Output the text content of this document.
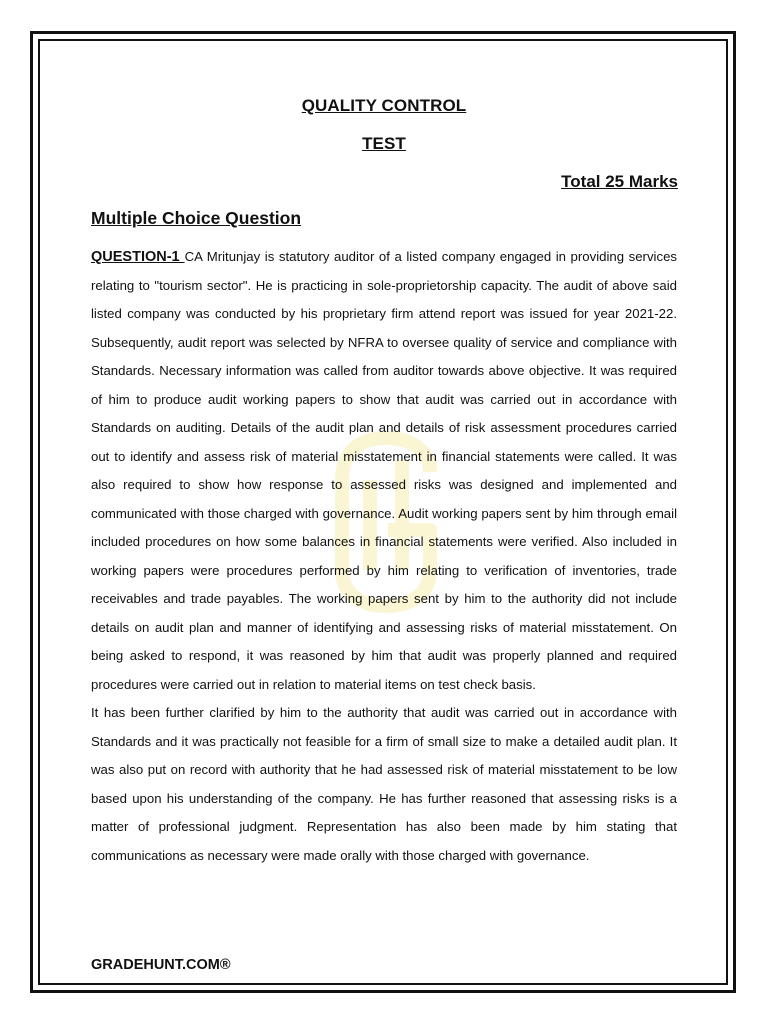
QUALITY CONTROL
TEST
Total 25 Marks
Multiple Choice Question

QUESTION-1 CA Mritunjay is statutory auditor of a listed company engaged in providing services relating to "tourism sector". He is practicing in sole-proprietorship capacity. The audit of above said listed company was conducted by his proprietary firm attend report was issued for year 2021-22. Subsequently, audit report was selected by NFRA to oversee quality of service and compliance with Standards. Necessary information was called from auditor towards above objective. It was required of him to produce audit working papers to show that audit was carried out in accordance with Standards on auditing. Details of the audit plan and details of risk assessment procedures carried out to identify and assess risk of material misstatement in financial statements were called. It was also required to show how response to assessed risks was designed and implemented and communicated with those charged with governance. Audit working papers sent by him through email included procedures on how some balances in financial statements were verified. Also included in working papers were procedures performed by him relating to verification of inventories, trade receivables and trade payables. The working papers sent by him to the authority did not include details on audit plan and manner of identifying and assessing risks of material misstatement. On being asked to respond, it was reasoned by him that audit was properly planned and required procedures were carried out in relation to material items on test check basis.

It has been further clarified by him to the authority that audit was carried out in accordance with Standards and it was practically not feasible for a firm of small size to make a detailed audit plan. It was also put on record with authority that he had assessed risk of material misstatement to be low based upon his understanding of the company. He has further reasoned that assessing risks is a matter of professional judgment. Representation has also been made by him stating that communications as necessary were made orally with those charged with governance.

GRADEHUNT.COM®
